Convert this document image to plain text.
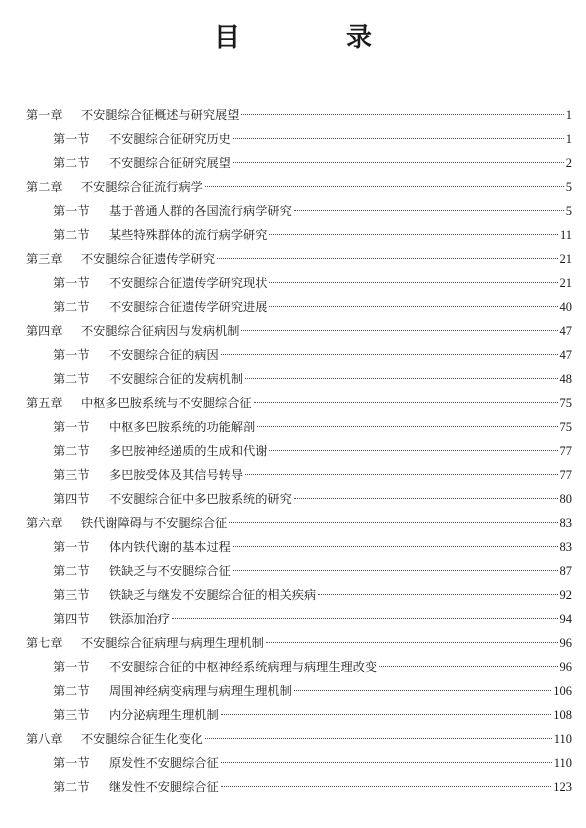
目　录
第一章	不安腿综合征概述与研究展望	1
第一节	不安腿综合征研究历史	1
第二节	不安腿综合征研究展望	2
第二章	不安腿综合征流行病学	5
第一节	基于普通人群的各国流行病学研究	5
第二节	某些特殊群体的流行病学研究	11
第三章	不安腿综合征遗传学研究	21
第一节	不安腿综合征遗传学研究现状	21
第二节	不安腿综合征遗传学研究进展	40
第四章	不安腿综合征病因与发病机制	47
第一节	不安腿综合征的病因	47
第二节	不安腿综合征的发病机制	48
第五章	中枢多巴胺系统与不安腿综合征	75
第一节	中枢多巴胺系统的功能解剖	75
第二节	多巴胺神经递质的生成和代谢	77
第三节	多巴胺受体及其信号转导	77
第四节	不安腿综合征中多巴胺系统的研究	80
第六章	铁代谢障碍与不安腿综合征	83
第一节	体内铁代谢的基本过程	83
第二节	铁缺乏与不安腿综合征	87
第三节	铁缺乏与继发不安腿综合征的相关疾病	92
第四节	铁添加治疗	94
第七章	不安腿综合征病理与病理生理机制	96
第一节	不安腿综合征的中枢神经系统病理与病理生理改变	96
第二节	周围神经病变病理与病理生理机制	106
第三节	内分泌病理生理机制	108
第八章	不安腿综合征生化变化	110
第一节	原发性不安腿综合征	110
第二节	继发性不安腿综合征	123
